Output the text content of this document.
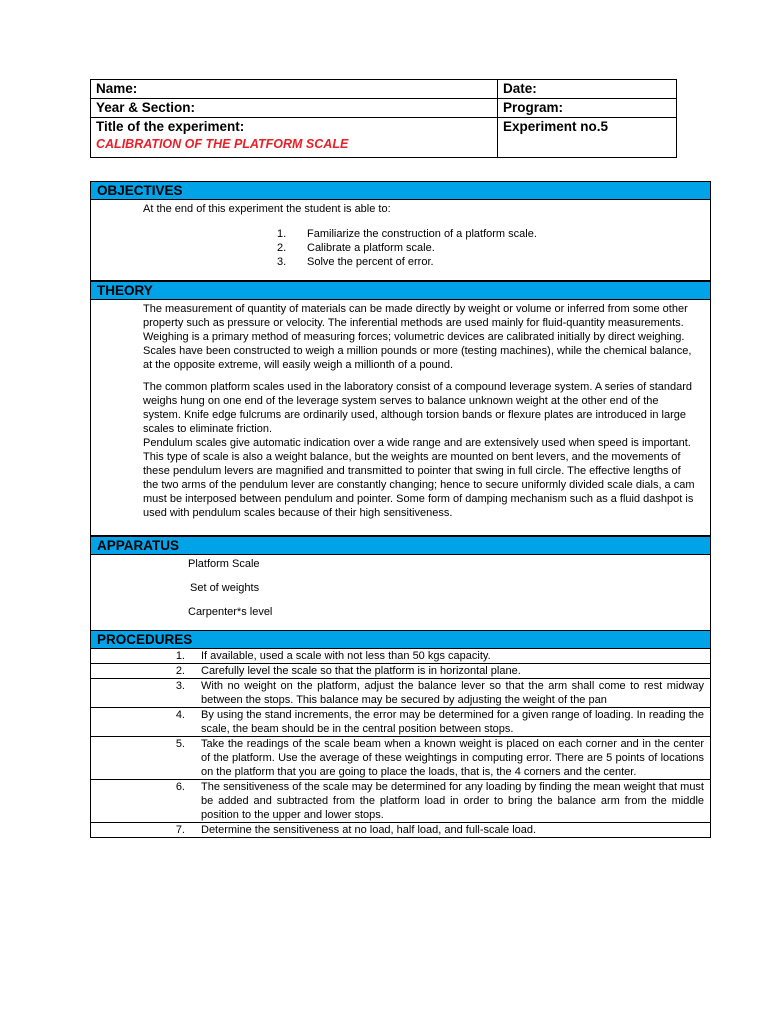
Name:	Date:
Year & Section:	Program:
Title of the experiment:
CALIBRATION OF THE PLATFORM SCALE	Experiment no.5
OBJECTIVES
At the end of this experiment the student is able to:
1.	Familiarize the construction of a platform scale.
2.	Calibrate a platform scale.
3.	Solve the percent of error.
THEORY

The measurement of quantity of materials can be made directly by weight or volume or inferred from some other property such as pressure or velocity. The inferential methods are used mainly for fluid-quantity measurements. Weighing is a primary method of measuring forces; volumetric devices are calibrated initially by direct weighing. Scales have been constructed to weigh a million pounds or more (testing machines), while the chemical balance, at the opposite extreme, will easily weigh a millionth of a pound.

The common platform scales used in the laboratory consist of a compound leverage system. A series of standard weighs hung on one end of the leverage system serves to balance unknown weight at the other end of the system. Knife edge fulcrums are ordinarily used, although torsion bands or flexure plates are introduced in large scales to eliminate friction.

Pendulum scales give automatic indication over a wide range and are extensively used when speed is important. This type of scale is also a weight balance, but the weights are mounted on bent levers, and the movements of these pendulum levers are magnified and transmitted to pointer that swing in full circle. The effective lengths of the two arms of the pendulum lever are constantly changing; hence to secure uniformly divided scale dials, a cam must be interposed between pendulum and pointer. Some form of damping mechanism such as a fluid dashpot is used with pendulum scales because of their high sensitiveness.

APPARATUS
Platform Scale
Set of weights
Carpenter*s level
PROCEDURES
1.	If available, used a scale with not less than 50 kgs capacity.
2.	Carefully level the scale so that the platform is in horizontal plane.
3.	With no weight on the platform, adjust the balance lever so that the arm shall come to rest midway between the stops. This balance may be secured by adjusting the weight of the pan
4.	By using the stand increments, the error may be determined for a given range of loading. In reading the scale, the beam should be in the central position between stops.
5.	Take the readings of the scale beam when a known weight is placed on each corner and in the center of the platform. Use the average of these weightings in computing error. There are 5 points of locations on the platform that you are going to place the loads, that is, the 4 corners and the center.
6.	The sensitiveness of the scale may be determined for any loading by finding the mean weight that must be added and subtracted from the platform load in order to bring the balance arm from the middle position to the upper and lower stops.
7.	Determine the sensitiveness at no load, half load, and full-scale load.
